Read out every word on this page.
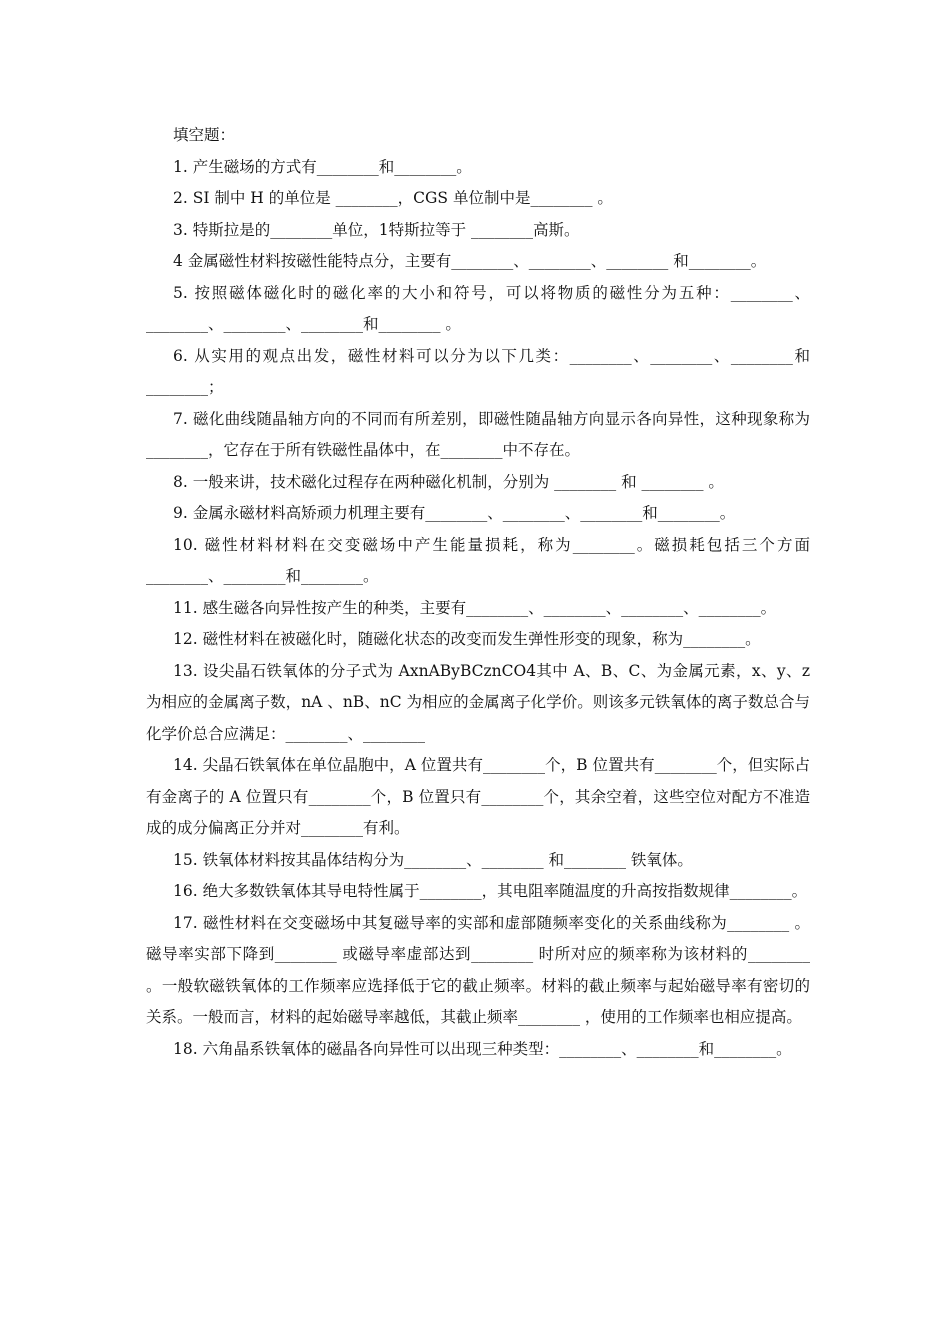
填空题：

1. 产生磁场的方式有________和________。

2. SI 制中 H 的单位是 ________，CGS 单位制中是________ 。

3. 特斯拉是的________单位，1特斯拉等于 ________高斯。

4 金属磁性材料按磁性能特点分，主要有________、________、________ 和________。

5. 按照磁体磁化时的磁化率的大小和符号，可以将物质的磁性分为五种：________、________、________、________和________ 。

6. 从实用的观点出发，磁性材料可以分为以下几类：________、________、________和________；

7. 磁化曲线随晶轴方向的不同而有所差别，即磁性随晶轴方向显示各向异性，这种现象称为________，它存在于所有铁磁性晶体中，在________中不存在。

8. 一般来讲，技术磁化过程存在两种磁化机制，分别为 ________ 和 ________ 。

9. 金属永磁材料高矫顽力机理主要有________、________、________和________。

10. 磁性材料材料在交变磁场中产生能量损耗，称为________。磁损耗包括三个方面________、________和________。

11. 感生磁各向异性按产生的种类，主要有________、________、________、________。

12. 磁性材料在被磁化时，随磁化状态的改变而发生弹性形变的现象，称为________。

13. 设尖晶石铁氧体的分子式为 AxnAByBCznCO4其中 A、B、C、为金属元素，x、y、z 为相应的金属离子数，nA 、nB、nC 为相应的金属离子化学价。则该多元铁氧体的离子数总合与化学价总合应满足：________、________

14. 尖晶石铁氧体在单位晶胞中，A 位置共有________个，B 位置共有________个，但实际占有金离子的 A 位置只有________个，B 位置只有________个，其余空着，这些空位对配方不准造成的成分偏离正分并对________有利。

15. 铁氧体材料按其晶体结构分为________、________ 和________ 铁氧体。

16. 绝大多数铁氧体其导电特性属于________，其电阻率随温度的升高按指数规律________。

17. 磁性材料在交变磁场中其复磁导率的实部和虚部随频率变化的关系曲线称为________ 。磁导率实部下降到________ 或磁导率虚部达到________ 时所对应的频率称为该材料的________ 。一般软磁铁氧体的工作频率应选择低于它的截止频率。材料的截止频率与起始磁导率有密切的关系。一般而言，材料的起始磁导率越低，其截止频率________ ，使用的工作频率也相应提高。

18. 六角晶系铁氧体的磁晶各向异性可以出现三种类型：________、________和________。
